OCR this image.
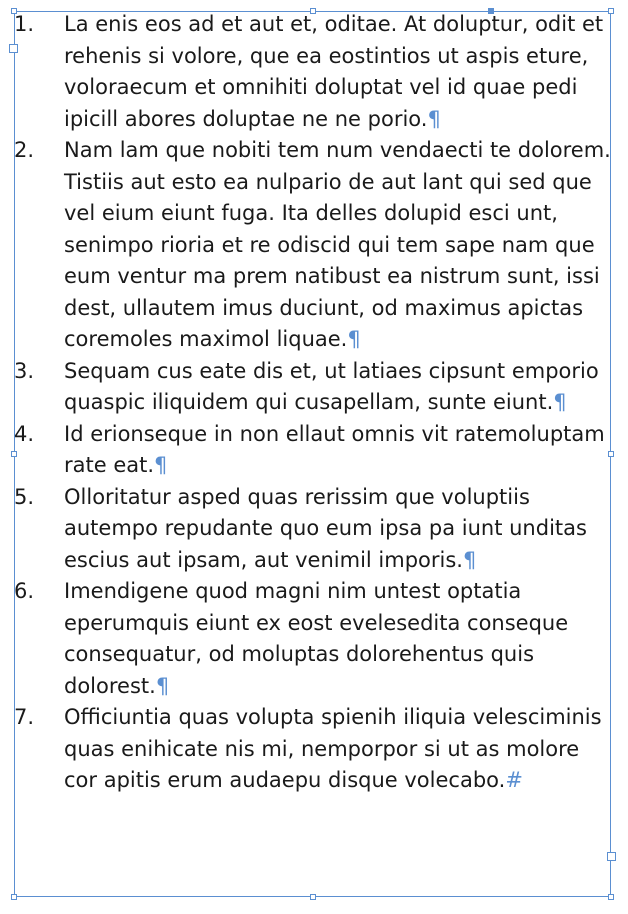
1. La enis eos ad et aut et, oditae. At doluptur, odit et rehenis si volore, que ea eostintios ut aspis eture, voloraecum et omnihiti doluptat vel id quae pedi ipicill abores doluptae ne ne porio.¶
2. Nam lam que nobiti tem num vendaecti te dolorem. Tistiis aut esto ea nulpario de aut lant qui sed que vel eium eiunt fuga. Ita delles dolupid esci unt, senimpo rioria et re odiscid qui tem sape nam que eum ventur ma prem natibust ea nistrum sunt, issi dest, ullautem imus duciunt, od maximus apictas coremoles maximol liquae.¶
3. Sequam cus eate dis et, ut latiaes cipsunt emporio quaspic iliquidem qui cusapellam, sunte eiunt.¶
4. Id erionseque in non ellaut omnis vit ratemoluptam rate eat.¶
5. Olloritatur asped quas rerissim que voluptiis autempo repudante quo eum ipsa pa iunt unditas escius aut ipsam, aut venimil imporis.¶
6. Imendigene quod magni nim untest optatia eperumquis eiunt ex eost evelesedita conseque consequatur, od moluptas dolorehentus quis dolorest.¶
7. Officiuntia quas volupta spienih iliquia velesciminis quas enihicate nis mi, nemporpor si ut as molore cor apitis erum audaepu disque volecabo.#
